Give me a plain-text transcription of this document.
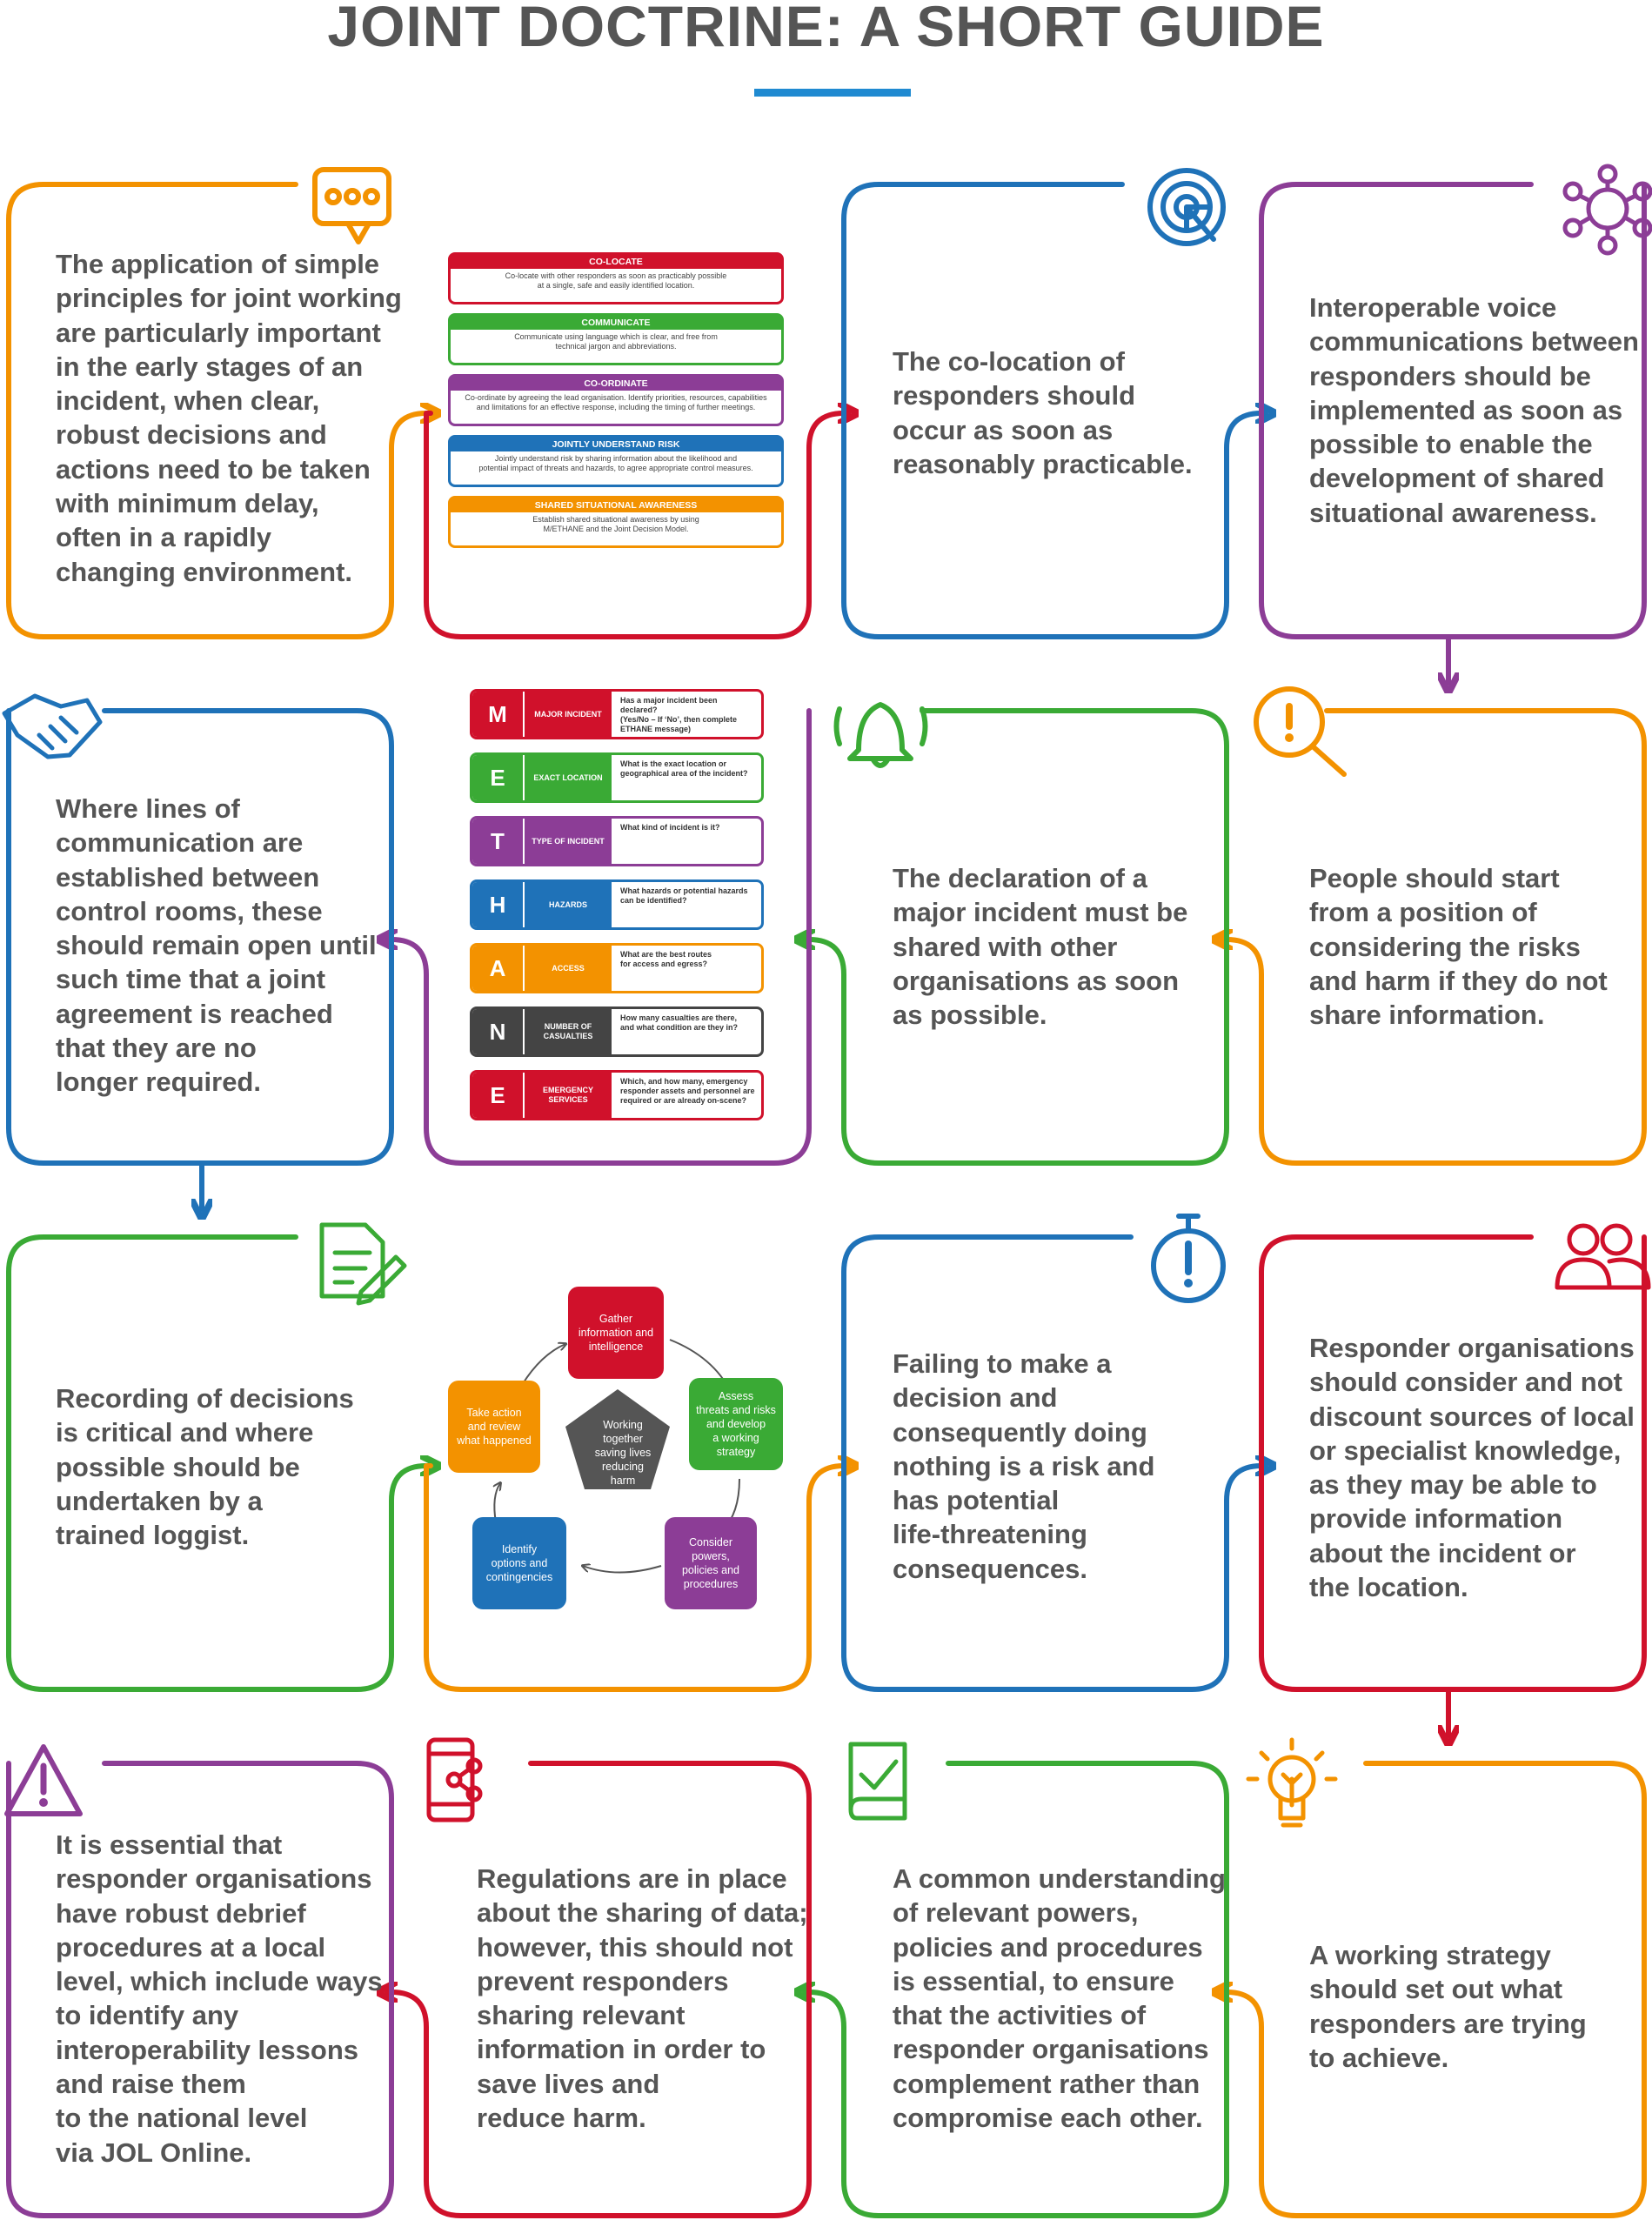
JOINT DOCTRINE: A SHORT GUIDE

The application of simple
principles for joint working
are particularly important
in the early stages of an
incident, when clear,
robust decisions and
actions need to be taken
with minimum delay,
often in a rapidly
changing environment.

The co-location of
responders should
occur as soon as
reasonably practicable.

Interoperable voice
communications between
responders should be
implemented as soon as
possible to enable the
development of shared
situational awareness.

Where lines of
communication are
established between
control rooms, these
should remain open until
such time that a joint
agreement is reached
that they are no
longer required.

The declaration of a
major incident must be
shared with other
organisations as soon
as possible.

People should start
from a position of
considering the risks
and harm if they do not
share information.

Recording of decisions
is critical and where
possible should be
undertaken by a
trained loggist.

Failing to make a
decision and
consequently doing
nothing is a risk and
has potential
life-threatening
consequences.

Responder organisations
should consider and not
discount sources of local
or specialist knowledge,
as they may be able to
provide information
about the incident or
the location.

It is essential that
responder organisations
have robust debrief
procedures at a local
level, which include ways
to identify any
interoperability lessons
and raise them
to the national level
via JOL Online.

Regulations are in place
about the sharing of data;
however, this should not
prevent responders
sharing relevant
information in order to
save lives and
reduce harm.

A common understanding
of relevant powers,
policies and procedures
is essential, to ensure
that the activities of
responder organisations
complement rather than
compromise each other.

A working strategy
should set out what
responders are trying
to achieve.

CO-LOCATE
Co-locate with other responders as soon as practicably possible
at a single, safe and easily identified location.
COMMUNICATE
Communicate using language which is clear, and free from
technical jargon and abbreviations.
CO-ORDINATE
Co-ordinate by agreeing the lead organisation. Identify priorities, resources, capabilities
and limitations for an effective response, including the timing of further meetings.
JOINTLY UNDERSTAND RISK
Jointly understand risk by sharing information about the likelihood and
potential impact of threats and hazards, to agree appropriate control measures.
SHARED SITUATIONAL AWARENESS
Establish shared situational awareness by using
M/ETHANE and the Joint Decision Model.
M	MAJOR INCIDENT
Has a major incident been declared?
(Yes/No – If ‘No’, then complete
ETHANE message)
E	EXACT LOCATION
What is the exact location or
geographical area of the incident?
T	TYPE OF INCIDENT
What kind of incident is it?
H	HAZARDS
What hazards or potential hazards
can be identified?
A	ACCESS
What are the best routes
for access and egress?
N	NUMBER OF
CASUALTIES
How many casualties are there,
and what condition are they in?
E	EMERGENCY
SERVICES
Which, and how many, emergency
responder assets and personnel are
required or are already on-scene?
Working
together
saving lives
reducing
harm
Gather
information and
intelligence
Assess
threats and risks
and develop
a working
strategy
Consider
powers,
policies and
procedures
Identify
options and
contingencies
Take action
and review
what happened
